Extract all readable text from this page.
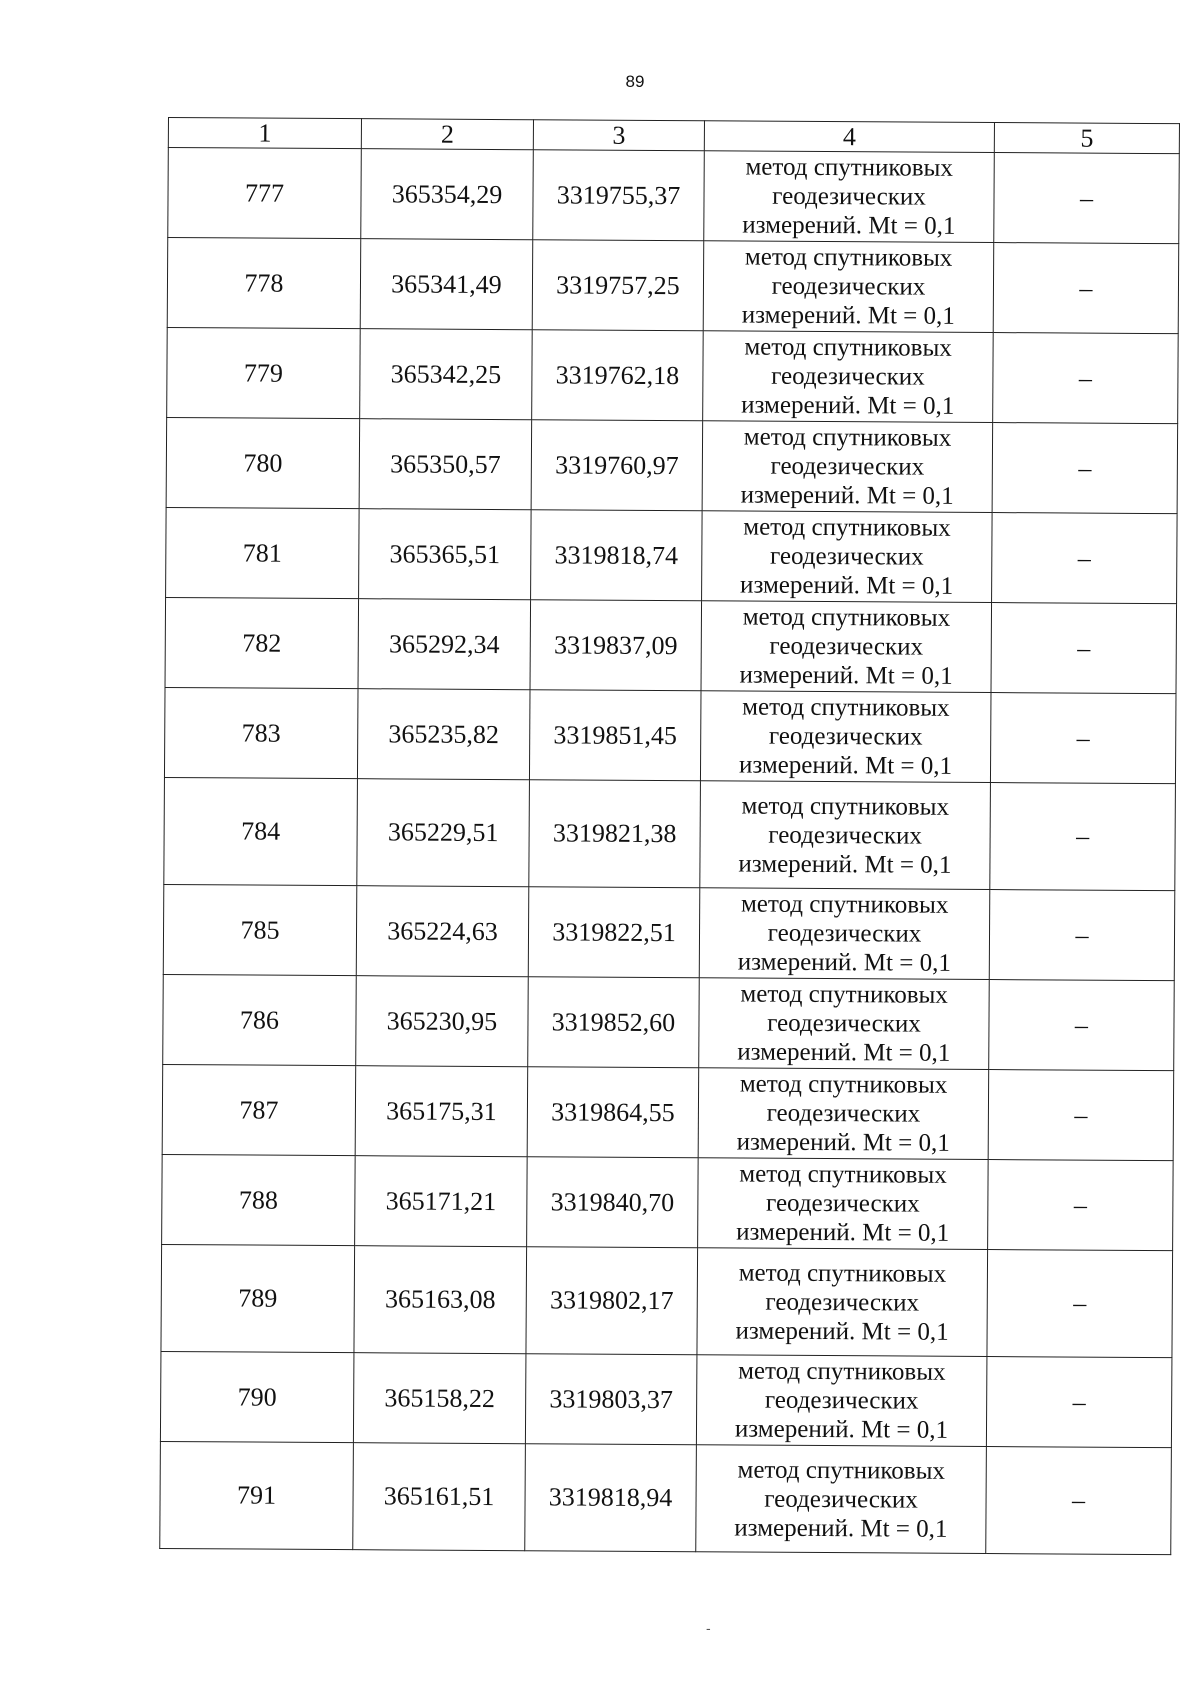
89
1	2	3	4	5
777	365354,29	3319755,37	метод спутниковых
геодезических
измерений. Mt = 0,1	–
778	365341,49	3319757,25	метод спутниковых
геодезических
измерений. Mt = 0,1	–
779	365342,25	3319762,18	метод спутниковых
геодезических
измерений. Mt = 0,1	–
780	365350,57	3319760,97	метод спутниковых
геодезических
измерений. Mt = 0,1	–
781	365365,51	3319818,74	метод спутниковых
геодезических
измерений. Mt = 0,1	–
782	365292,34	3319837,09	метод спутниковых
геодезических
измерений. Mt = 0,1	–
783	365235,82	3319851,45	метод спутниковых
геодезических
измерений. Mt = 0,1	–
784	365229,51	3319821,38	метод спутниковых
геодезических
измерений. Mt = 0,1	–
785	365224,63	3319822,51	метод спутниковых
геодезических
измерений. Mt = 0,1	–
786	365230,95	3319852,60	метод спутниковых
геодезических
измерений. Mt = 0,1	–
787	365175,31	3319864,55	метод спутниковых
геодезических
измерений. Mt = 0,1	–
788	365171,21	3319840,70	метод спутниковых
геодезических
измерений. Mt = 0,1	–
789	365163,08	3319802,17	метод спутниковых
геодезических
измерений. Mt = 0,1	–
790	365158,22	3319803,37	метод спутниковых
геодезических
измерений. Mt = 0,1	–
791	365161,51	3319818,94	метод спутниковых
геодезических
измерений. Mt = 0,1	–
-
